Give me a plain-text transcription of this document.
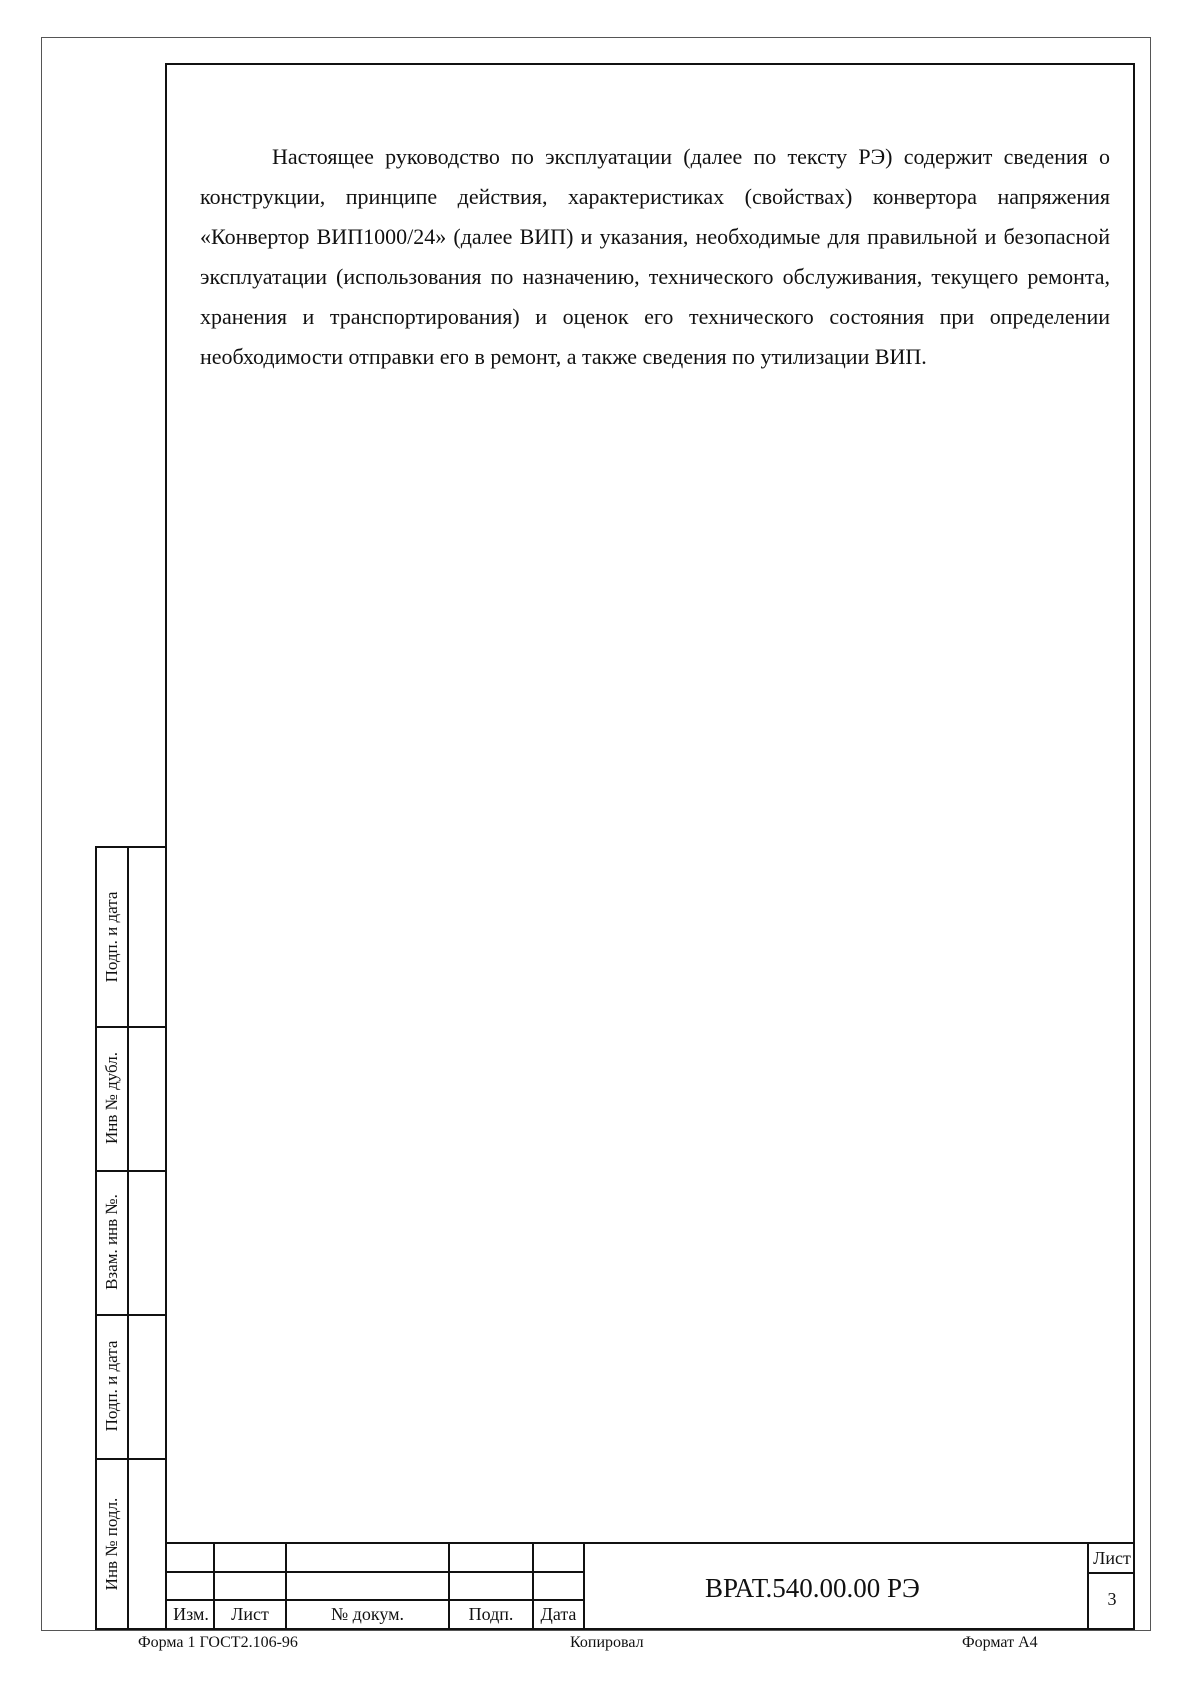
Настоящее руководство по эксплуатации (далее по тексту РЭ) содержит сведения о конструкции, принципе действия, характеристиках (свойствах) конвертора напряжения «Конвертор ВИП1000/24» (далее ВИП) и указания, необходимые для правильной и безопасной эксплуатации (использования по назначению, технического обслуживания, текущего ремонта, хранения и транспортирования) и оценок его технического состояния при определении необходимости отправки его в ремонт, а также сведения по утилизации ВИП.

Подп. и дата
Инв № дубл.
Взам. инв №.
Подп. и дата
Инв № подл.
Изм.	Лист	№ докум.	Подп.	Дата
Лист
3
ВРАТ.540.00.00 РЭ
Форма 1 ГОСТ2.106-96	Копировал	Формат А4
